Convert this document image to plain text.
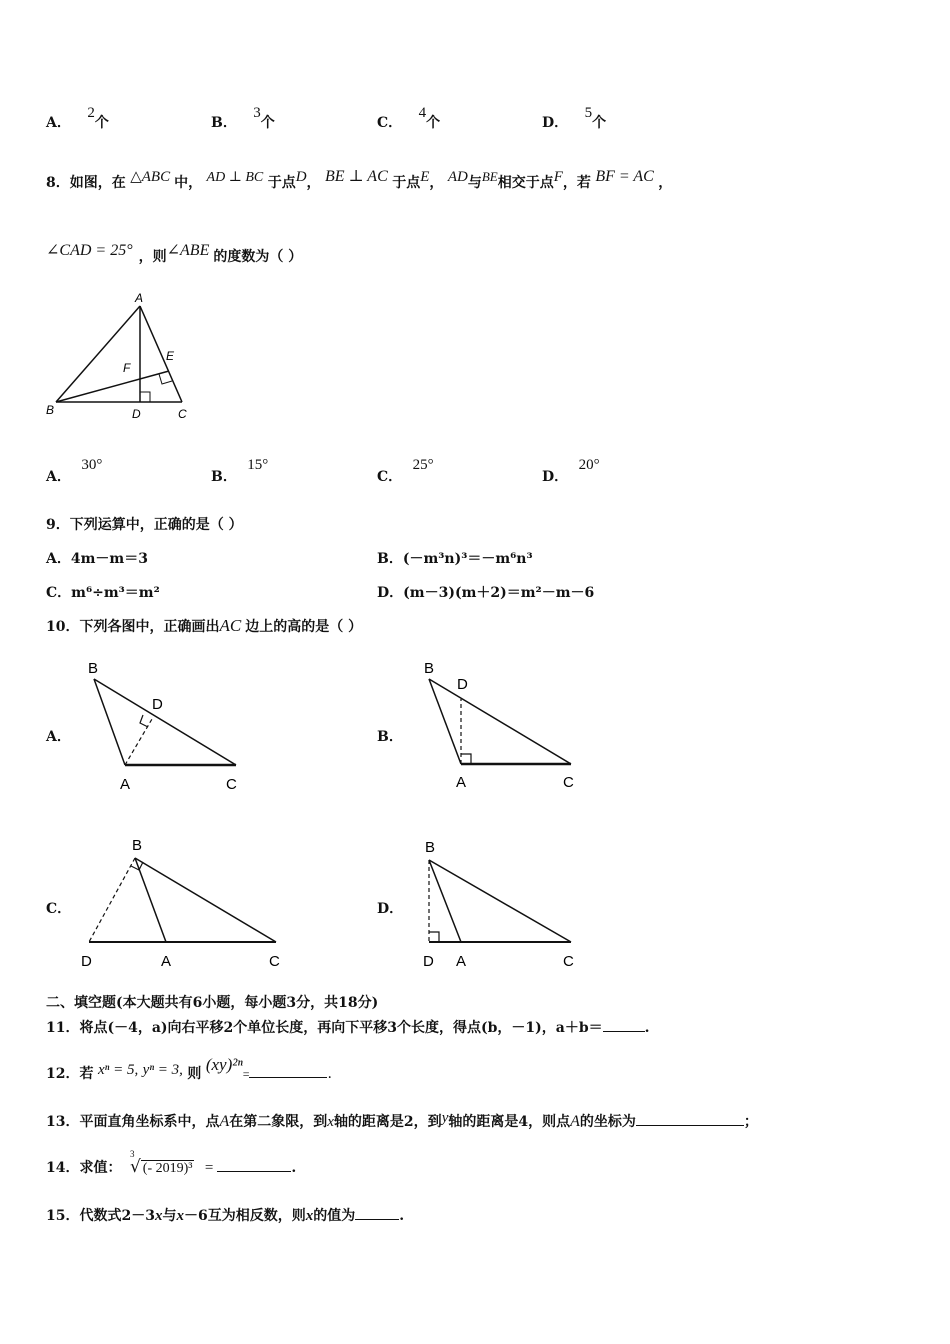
A． 2个	B． 3个	C． 4个	D． 5个
8．如图，在 △ABC 中， AD ⊥ BC 于点D， BE ⊥ AC 于点E， AD与BE相交于点F，若 BF = AC ，
∠CAD = 25° ，则∠ABE 的度数为（ ）
A
B	C
D
E
F
A． 30°
B． 15°
C． 25°
D． 20°
9．下列运算中，正确的是（ ）
A．4m－m＝3	B．(－m³n)³＝－m⁶n³
C．m⁶÷m³＝m²	D．(m－3)(m＋2)＝m²－m－6
10．下列各图中，正确画出AC 边上的高的是（ ）
A．	B．
C．	D．
B
D
A	C
B
D
A	C
B
D	A	C
B
D A	C
二、填空题(本大题共有6小题，每小题3分，共18分)
11．将点(－4，a)向右平移2个单位长度，再向下平移3个长度，得点(b，－1)，a＋b＝	.
12．若 xⁿ = 5, yⁿ = 3, 则 (xy)²ⁿ=	.
13．平面直角坐标系中，点A在第二象限，到x轴的距离是2，到y轴的距离是4，则点A的坐标为	；
14．求值：
3
√ (- 2019)³ =	.
15．代数式2－3x与x－6互为相反数，则x的值为	.
